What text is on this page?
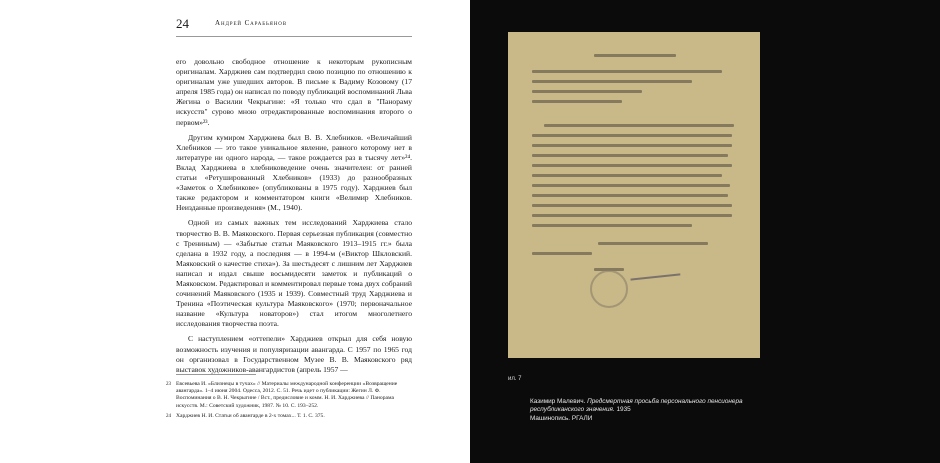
24	Андрей Сарабьянов

его довольно свободное отношение к некоторым рукописным оригиналам. Харджиев сам подтвердил свою позицию по отношению к оригиналам уже ушедших авторов. В письме к Вадиму Козовому (17 апреля 1985 года) он написал по поводу публикаций воспоминаний Льва Жегина о Василии Чекрыгине: «Я только что сдал в "Панораму искусств" сурово мною отредактированные воспоминания второго о первом»²³.

Другим кумиром Харджиева был В. В. Хлебников. «Величайший Хлебников — это такое уникальное явление, равного которому нет в литературе ни одного народа, — такое рождается раз в тысячу лет»²⁴. Вклад Харджиева в хлебниковедение очень значителен: от ранней статьи «Ретушированный Хлебников» (1933) до разнообразных «Заметок о Хлебникове» (опубликованы в 1975 году). Харджиев был также редактором и комментатором книги «Велимир Хлебников. Неизданные произведения» (М., 1940).

Одной из самых важных тем исследований Харджиева стало творчество В. В. Маяковского. Первая серьезная публикация (совместно с Трениным) — «Забытые статьи Маяковского 1913–1915 гг.» была сделана в 1932 году, а последняя — в 1994-м («Виктор Шкловский. Маяковский о качестве стиха»). За шестьдесят с лишним лет Харджиев написал и издал свыше восьмидесяти заметок и публикаций о Маяковском. Редактировал и комментировал первые тома двух собраний сочинений Маяковского (1935 и 1939). Совместный труд Харджиева и Тренина «Поэтическая культура Маяковского» (1970; первоначальное название «Культура новаторов») стал итогом многолетнего исследования творчества поэта.

С наступлением «оттепели» Харджиев открыл для себя новую возможность изучения и популяризации авангарда. С 1957 по 1965 год он организовал в Государственном Музее В. В. Маяковского ряд выставок художников-авангардистов (апрель 1957 —

23 Евсевьева И. «Близнецы в тучах» // Материалы международной конференции «Возвращение авангарда». 1–4 июня 2004. Одесса, 2012. С. 51. Речь идет о публикации: Жегин Л. Ф. Воспоминания о В. Н. Чекрыгине / Вст., предисловие и комм. Н. И. Харджиева // Панорама искусств. М.: Советский художник, 1987. № 10. С. 193–252.
24 Харджиев Н. И. Статьи об авангарде в 2-х томах... Т. 1. С. 375.
ил. 7
Казимир Малевич. Предсмертная просьба персонального пенсионера республиканского значения. 1935
Машинопись. РГАЛИ
